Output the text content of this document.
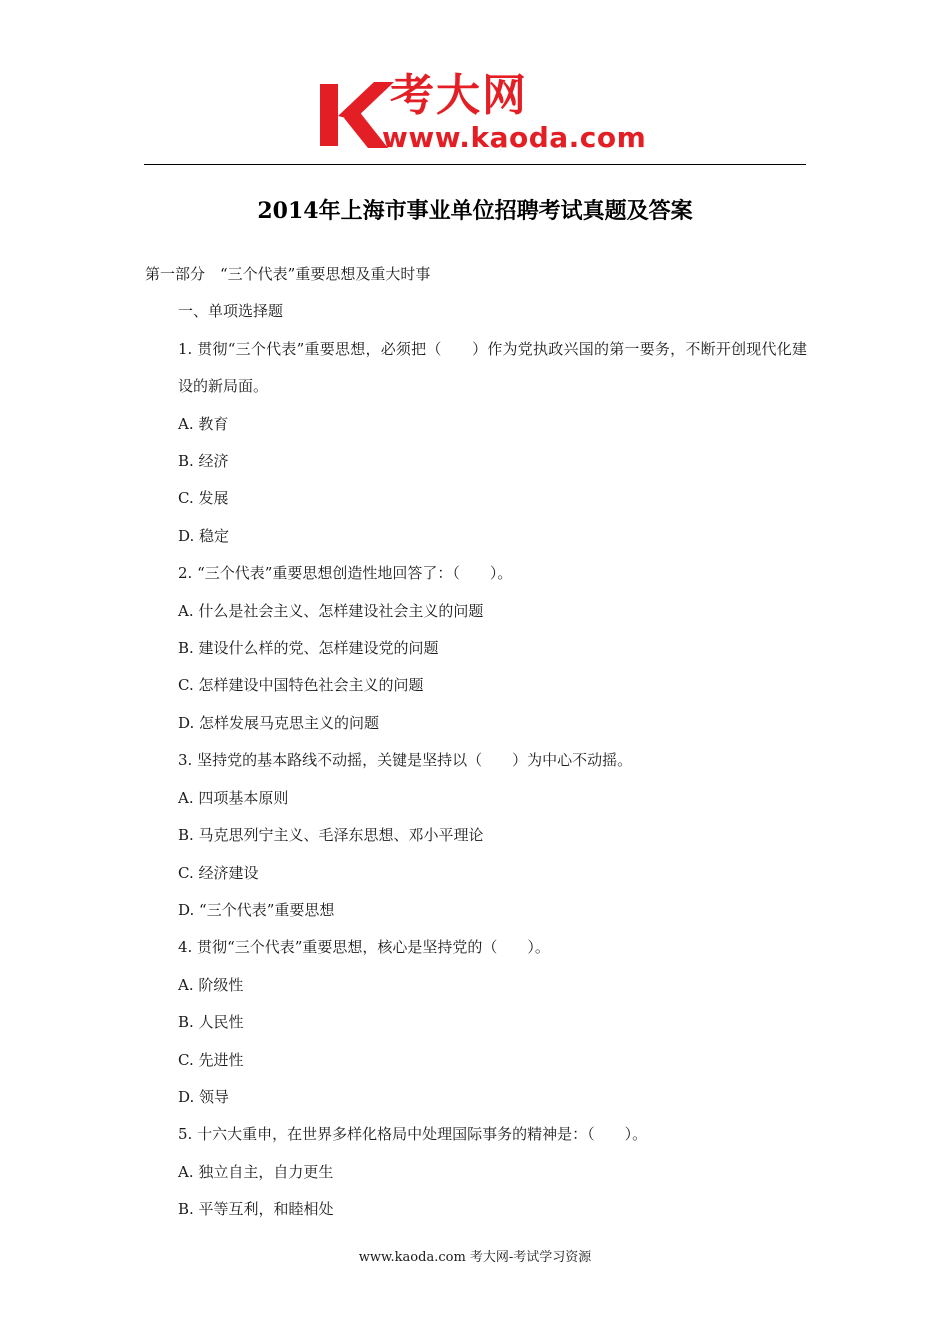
考大网
www.kaoda.com
2014年上海市事业单位招聘考试真题及答案
第一部分　“三个代表”重要思想及重大时事
一、单项选择题
1. 贯彻“三个代表”重要思想，必须把（　　）作为党执政兴国的第一要务，不断开创现代化建设的新局面。
A. 教育
B. 经济
C. 发展
D. 稳定
2. “三个代表”重要思想创造性地回答了：（　　）。
A. 什么是社会主义、怎样建设社会主义的问题
B. 建设什么样的党、怎样建设党的问题
C. 怎样建设中国特色社会主义的问题
D. 怎样发展马克思主义的问题
3. 坚持党的基本路线不动摇，关键是坚持以（　　）为中心不动摇。
A. 四项基本原则
B. 马克思列宁主义、毛泽东思想、邓小平理论
C. 经济建设
D. “三个代表”重要思想
4. 贯彻“三个代表”重要思想，核心是坚持党的（　　）。
A. 阶级性
B. 人民性
C. 先进性
D. 领导
5. 十六大重申，在世界多样化格局中处理国际事务的精神是：（　　）。
A. 独立自主，自力更生
B. 平等互利，和睦相处
www.kaoda.com 考大网-考试学习资源
